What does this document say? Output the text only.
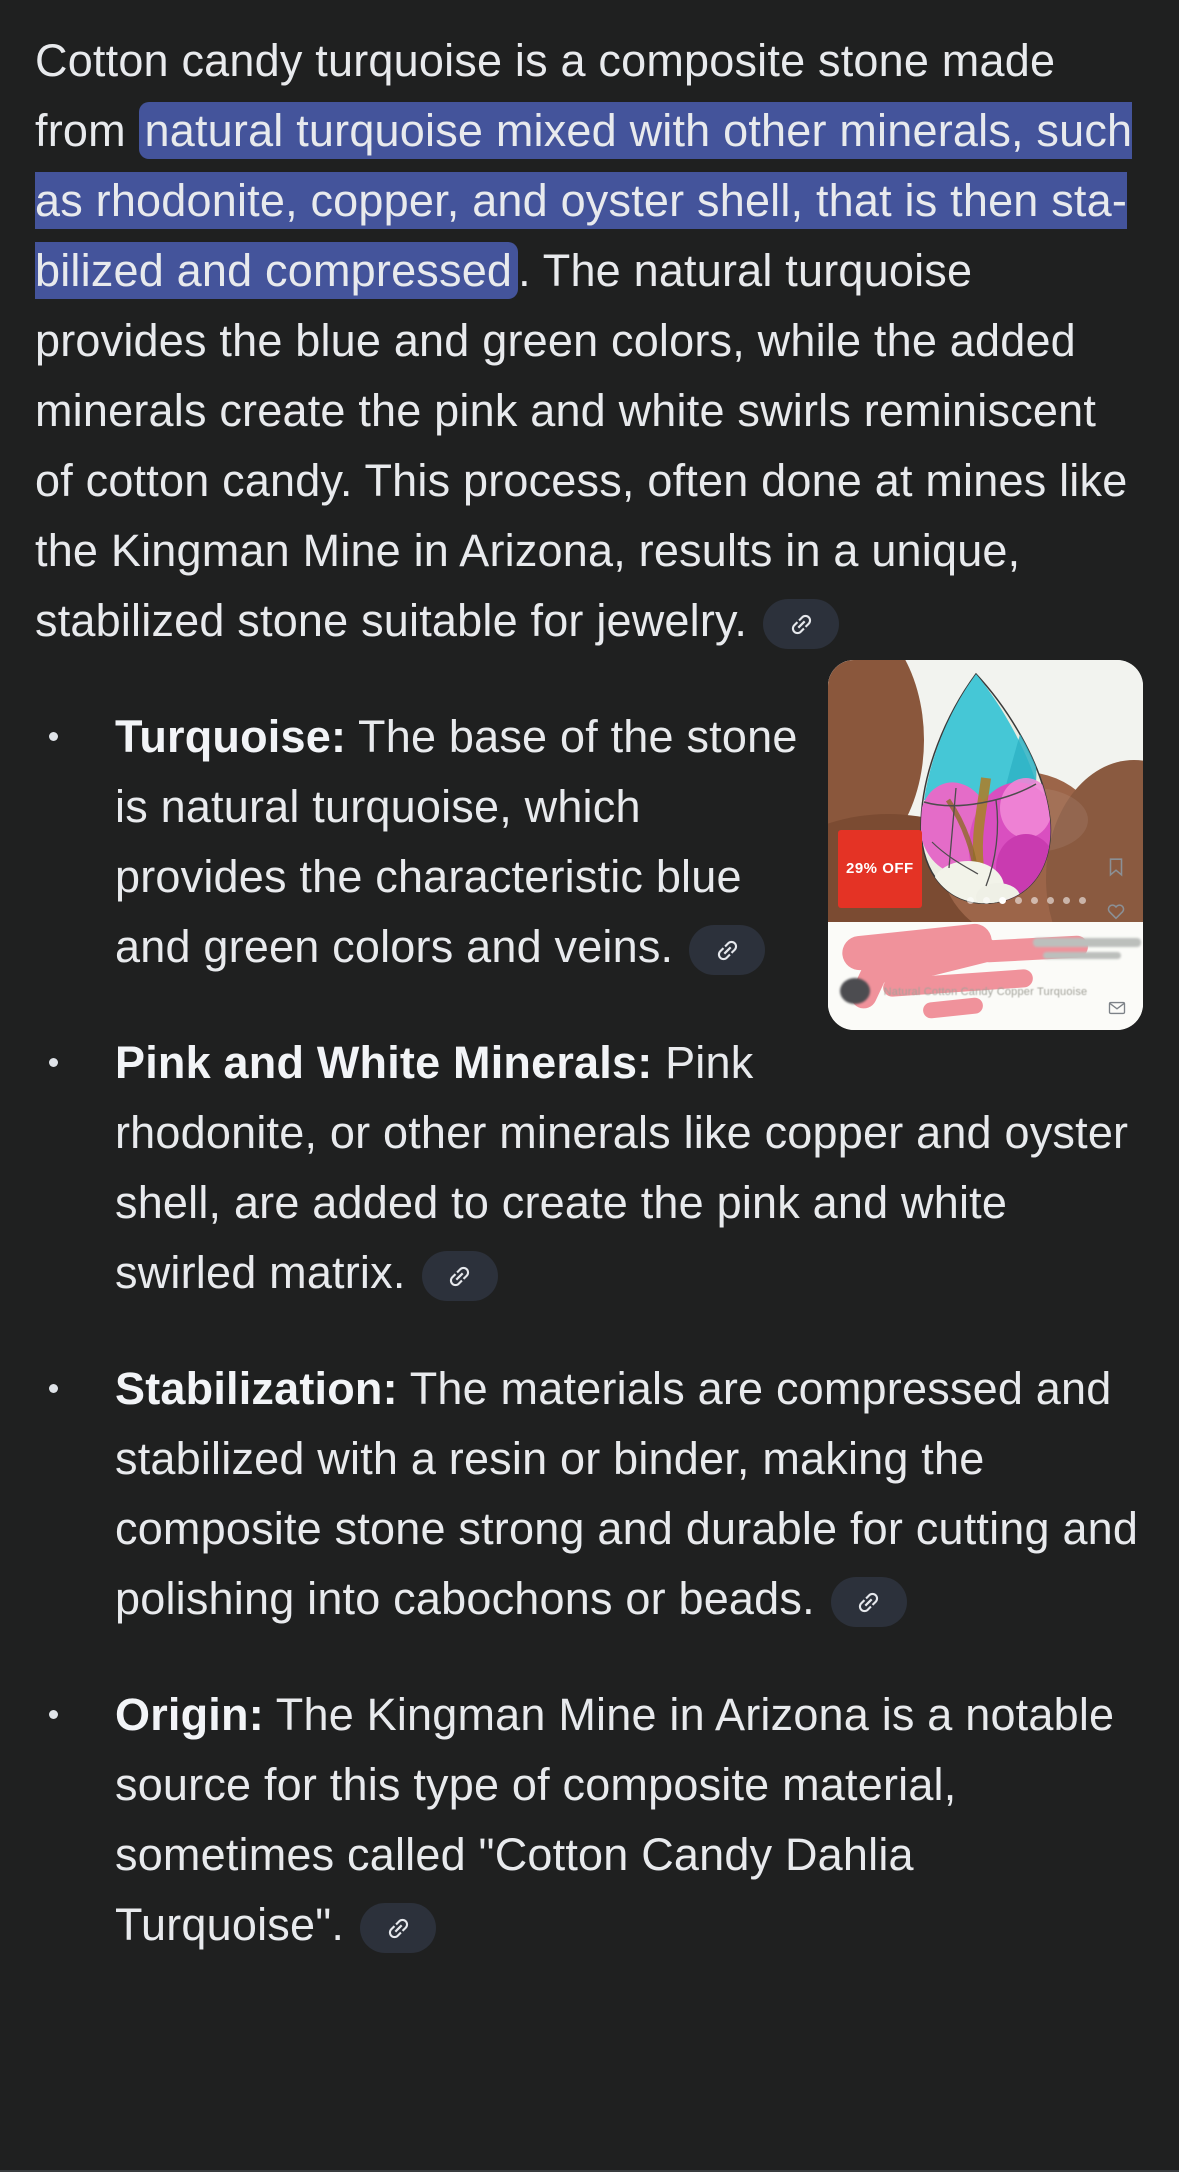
Cotton candy turquoise is a composite stone made from natural turquoise mixed with other minerals, such as rhodonite, copper, and oyster shell, that is then stabilized and compressed . The natural turquoise provides the blue and green colors, while the added minerals create the pink and white swirls reminiscent of cotton candy. This process, often done at mines like the Kingman Mine in Arizona, results in a unique, stabilized stone suitable for jewelry.

29% OFF
Natural Cotton Candy Copper Turquoise

Turquoise: The base of the stone is natural turquoise, which provides the characteristic blue and green colors and veins.
Pink and White Minerals: Pink rhodonite, or other minerals like copper and oyster shell, are added to create the pink and white swirled matrix.
Stabilization: The materials are compressed and stabilized with a resin or binder, making the composite stone strong and durable for cutting and polishing into cabochons or beads.
Origin: The Kingman Mine in Arizona is a notable source for this type of composite material, sometimes called "Cotton Candy Dahlia Turquoise".
